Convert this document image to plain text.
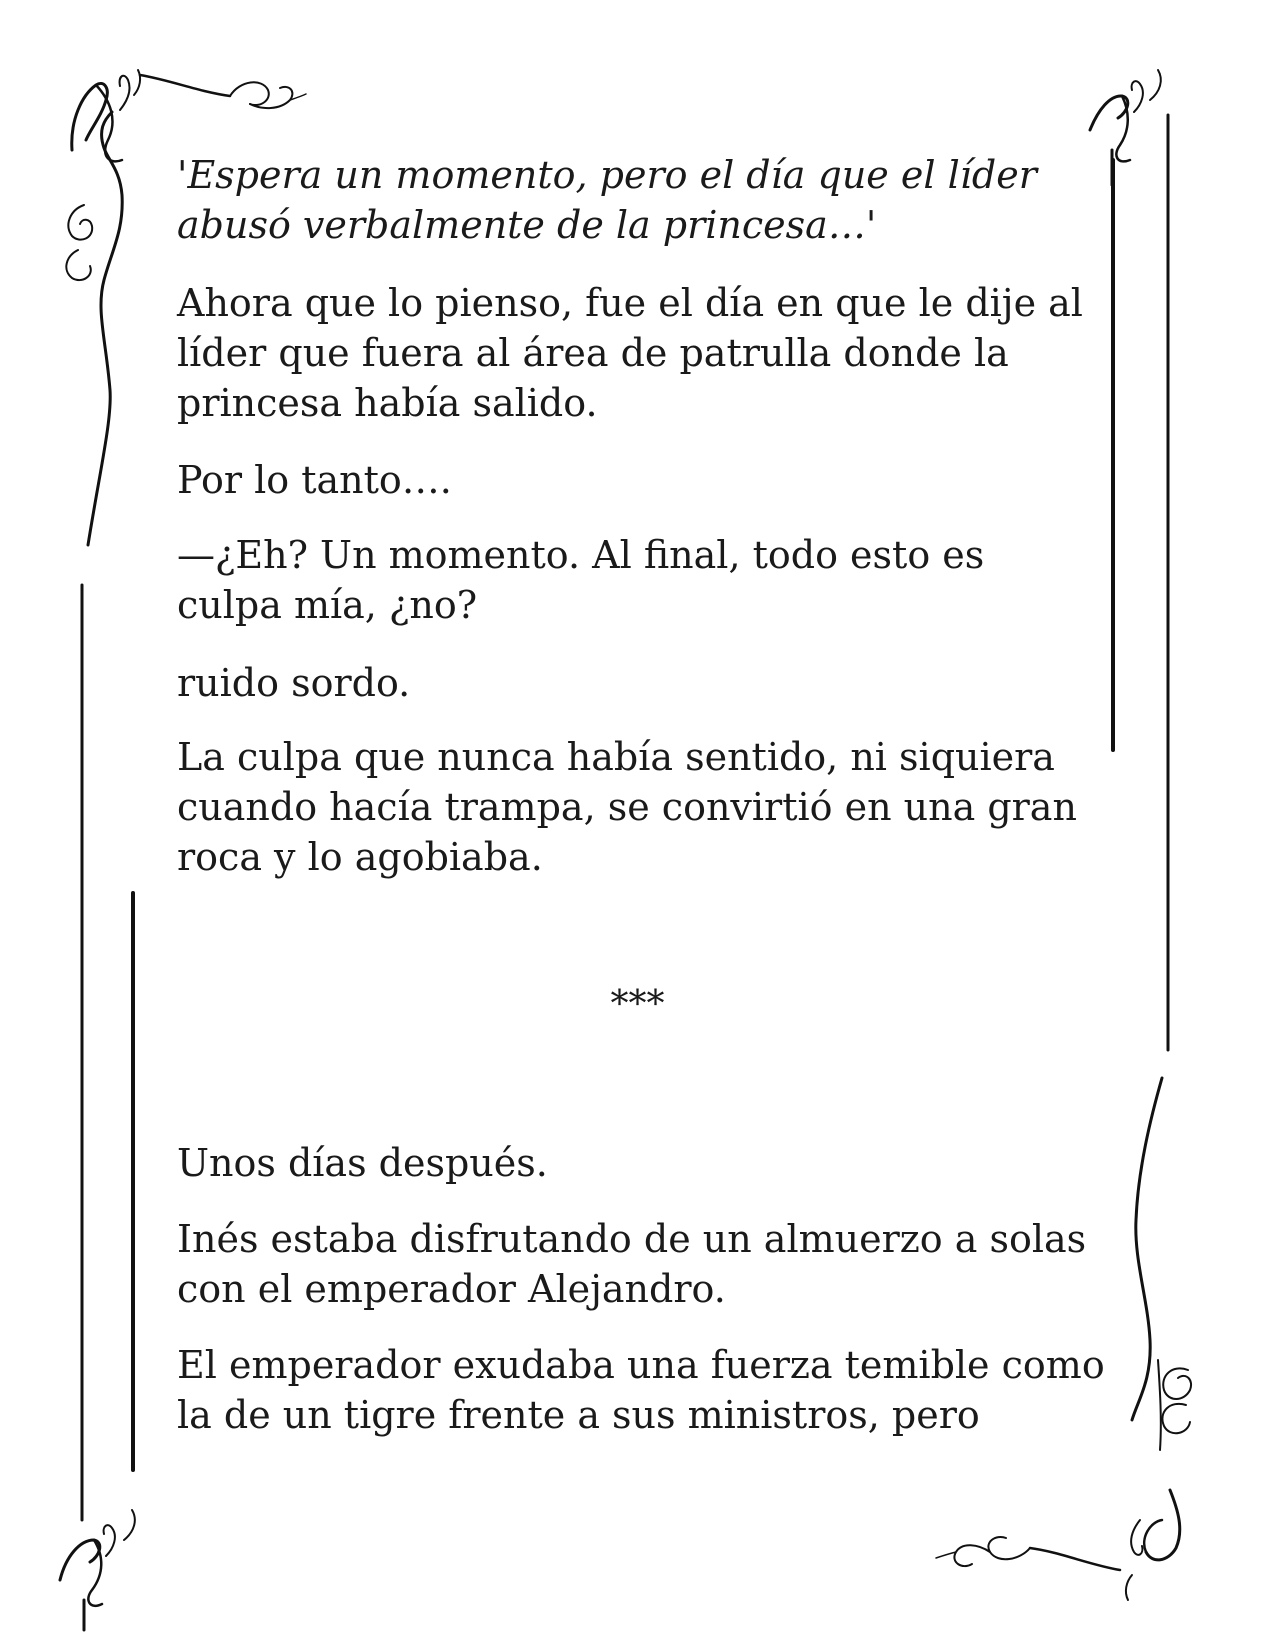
'Espera un momento, pero el día que el líder
abusó verbalmente de la princesa…'

Ahora que lo pienso, fue el día en que le dije al
líder que fuera al área de patrulla donde la
princesa había salido.

Por lo tanto….

—¿Eh? Un momento. Al final, todo esto es
culpa mía, ¿no?

ruido sordo.

La culpa que nunca había sentido, ni siquiera
cuando hacía trampa, se convirtió en una gran
roca y lo agobiaba.

***

Unos días después.

Inés estaba disfrutando de un almuerzo a solas
con el emperador Alejandro.

El emperador exudaba una fuerza temible como
la de un tigre frente a sus ministros, pero
